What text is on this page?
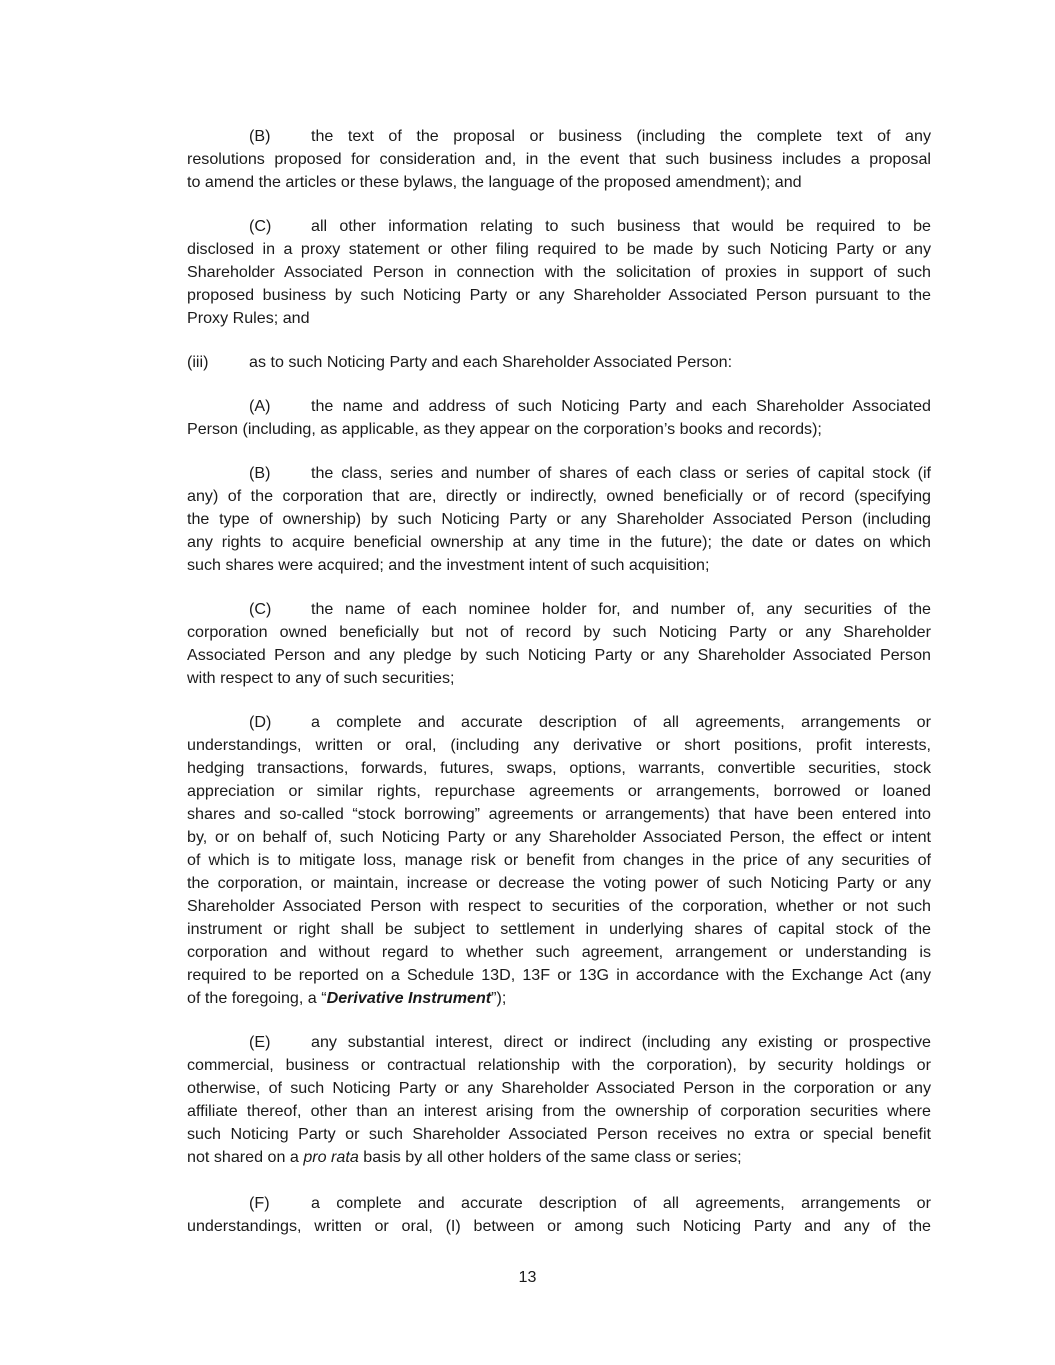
(B)	the text of the proposal or business (including the complete text of any
resolutions proposed for consideration and, in the event that such business includes a proposal
to amend the articles or these bylaws, the language of the proposed amendment); and
(C) all other information relating to such business that would be required to be
disclosed in a proxy statement or other filing required to be made by such Noticing Party or any
Shareholder Associated Person in connection with the solicitation of proxies in support of such
proposed business by such Noticing Party or any Shareholder Associated Person pursuant to the
Proxy Rules; and
(iii)	as to such Noticing Party and each Shareholder Associated Person:
(A)	the name and address of such Noticing Party and each Shareholder Associated
Person (including, as applicable, as they appear on the corporation’s books and records);
(B)	the class, series and number of shares of each class or series of capital stock (if
any) of the corporation that are, directly or indirectly, owned beneficially or of record (specifying
the type of ownership) by such Noticing Party or any Shareholder Associated Person (including
any rights to acquire beneficial ownership at any time in the future); the date or dates on which
such shares were acquired; and the investment intent of such acquisition;
(C) the name of each nominee holder for, and number of, any securities of the
corporation owned beneficially but not of record by such Noticing Party or any Shareholder
Associated Person and any pledge by such Noticing Party or any Shareholder Associated Person
with respect to any of such securities;
(D) a complete and accurate description of all agreements, arrangements or
understandings, written or oral, (including any derivative or short positions, profit interests,
hedging transactions, forwards, futures, swaps, options, warrants, convertible securities, stock
appreciation or similar rights, repurchase agreements or arrangements, borrowed or loaned
shares and so-called “stock borrowing” agreements or arrangements) that have been entered into
by, or on behalf of, such Noticing Party or any Shareholder Associated Person, the effect or intent
of which is to mitigate loss, manage risk or benefit from changes in the price of any securities of
the corporation, or maintain, increase or decrease the voting power of such Noticing Party or any
Shareholder Associated Person with respect to securities of the corporation, whether or not such
instrument or right shall be subject to settlement in underlying shares of capital stock of the
corporation and without regard to whether such agreement, arrangement or understanding is
required to be reported on a Schedule 13D, 13F or 13G in accordance with the Exchange Act (any
of the foregoing, a “Derivative Instrument”);
(E)	any substantial interest, direct or indirect (including any existing or prospective
commercial, business or contractual relationship with the corporation), by security holdings or
otherwise, of such Noticing Party or any Shareholder Associated Person in the corporation or any
affiliate thereof, other than an interest arising from the ownership of corporation securities where
such Noticing Party or such Shareholder Associated Person receives no extra or special benefit
not shared on a pro rata basis by all other holders of the same class or series;
(F)	a complete and accurate description of all agreements, arrangements or
understandings, written or oral, (I) between or among such Noticing Party and any of the
13
